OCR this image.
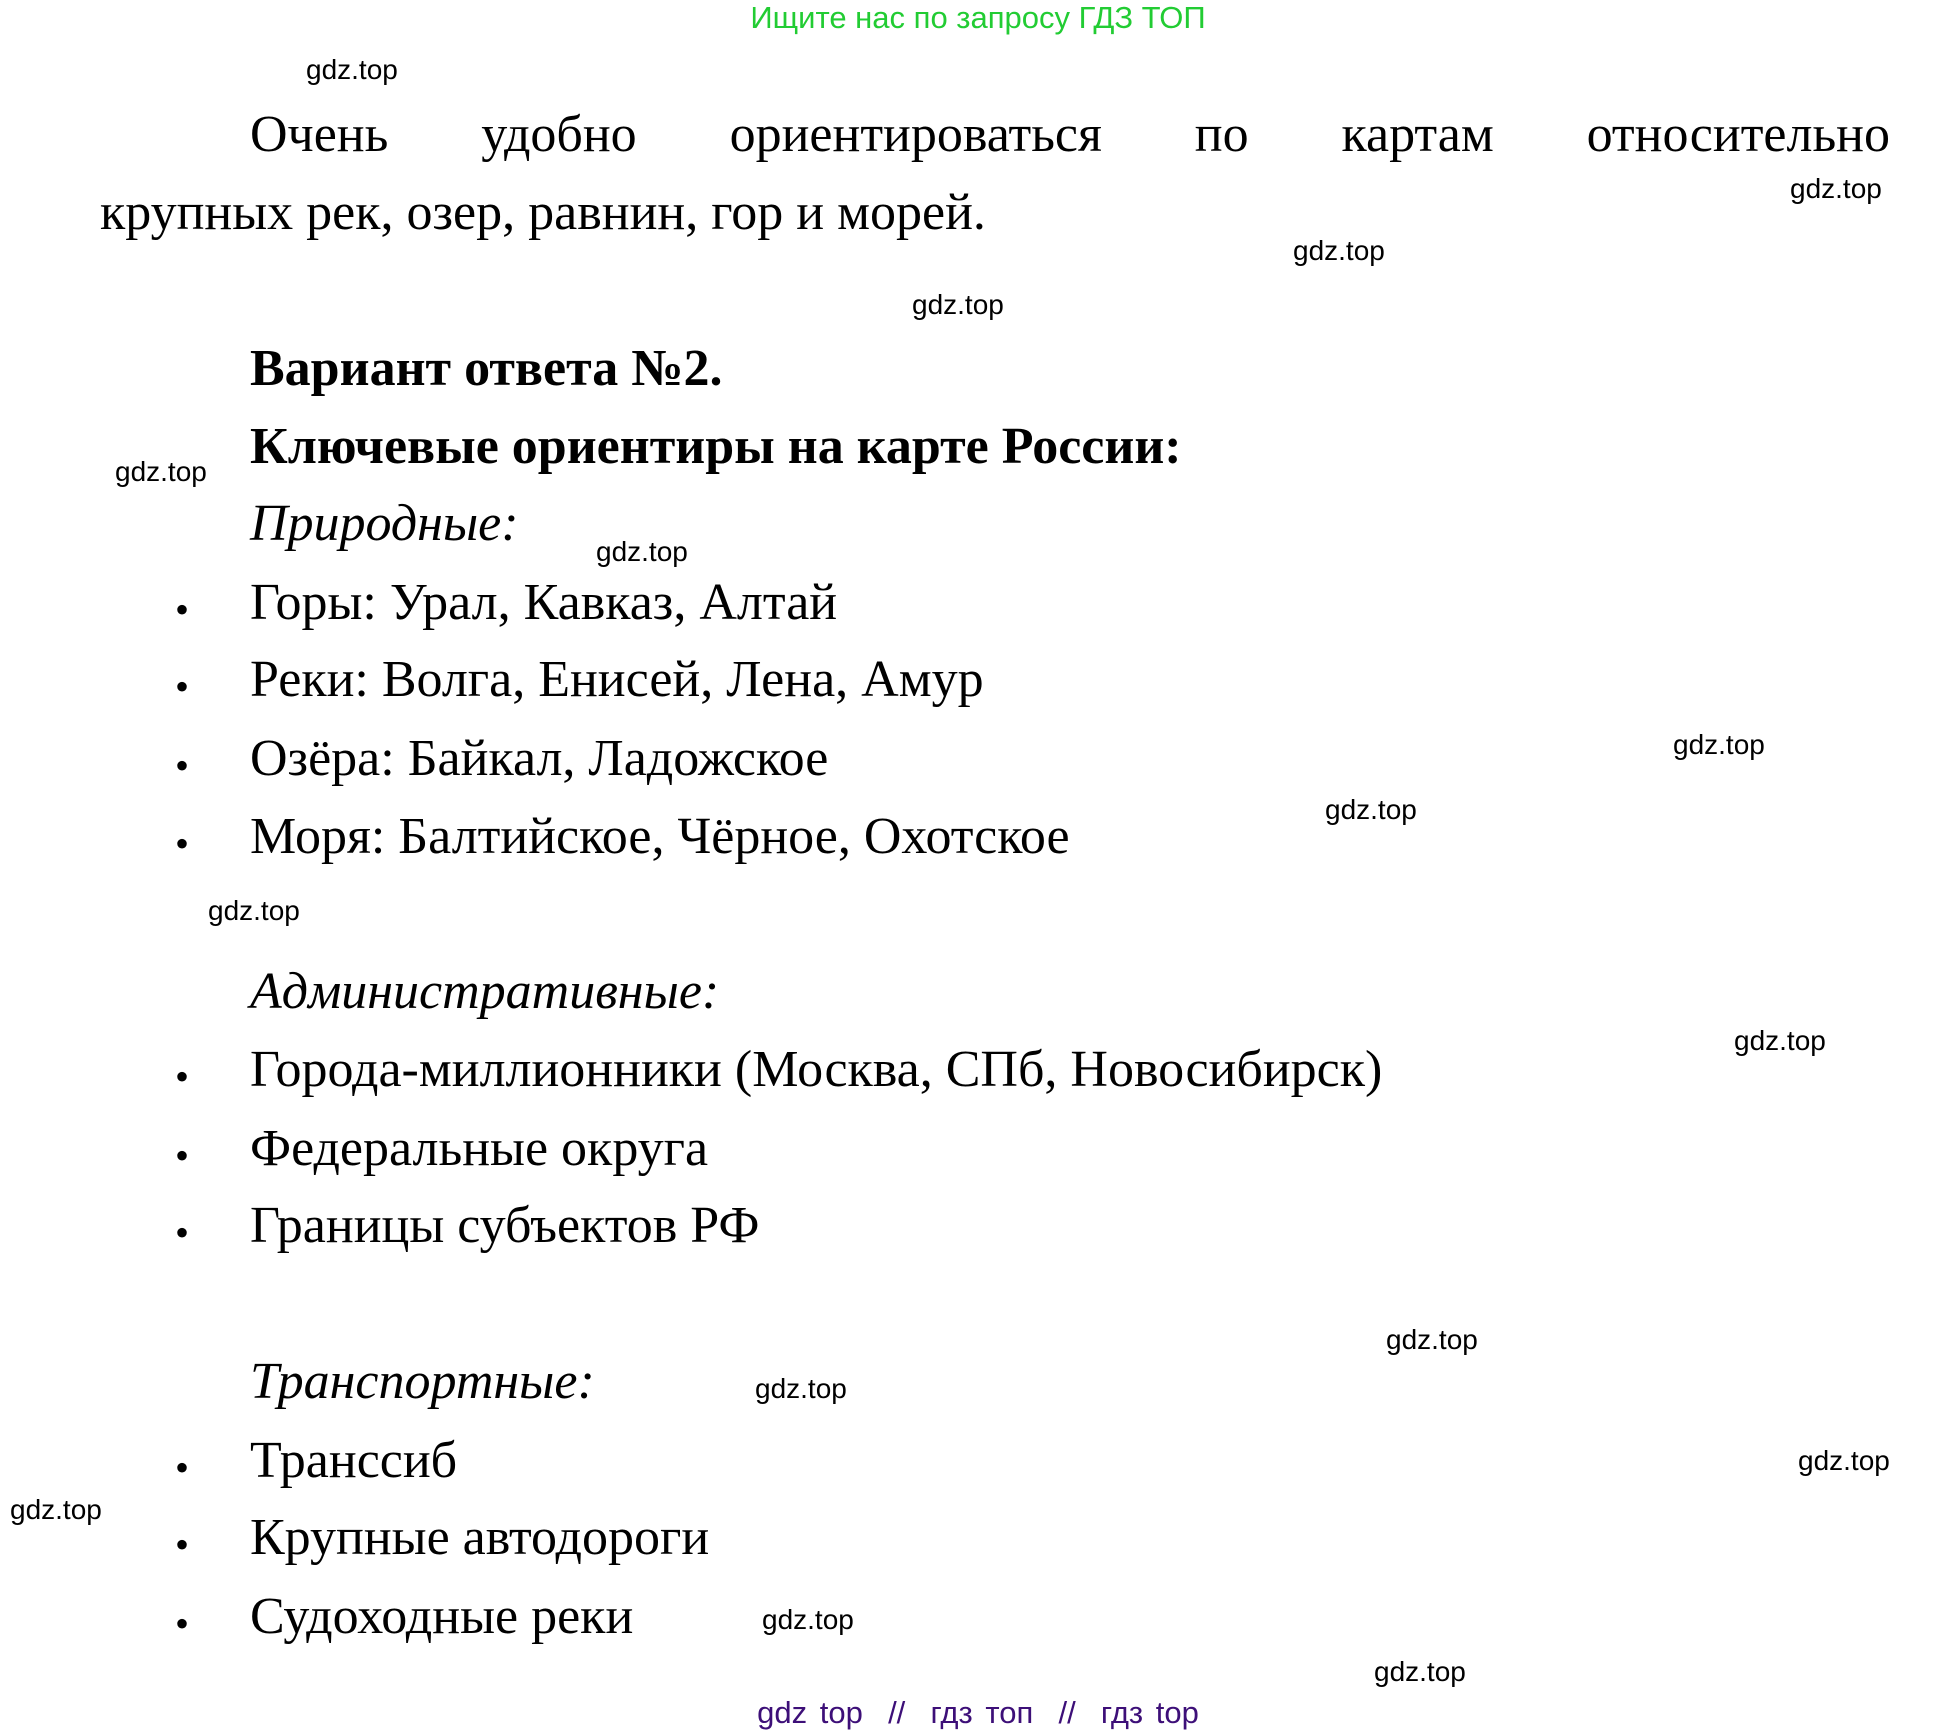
Ищите нас по запросу ГДЗ ТОП
Очень удобно ориентироваться по картам относительно
крупных рек, озер, равнин, гор и морей.
Вариант ответа №2.
Ключевые ориентиры на карте России:
Природные:
• Горы: Урал, Кавказ, Алтай
• Реки: Волга, Енисей, Лена, Амур
• Озёра: Байкал, Ладожское
• Моря: Балтийское, Чёрное, Охотское
Административные:
• Города-миллионники (Москва, СПб, Новосибирск)
• Федеральные округа
• Границы субъектов РФ
Транспортные:
• Транссиб
• Крупные автодороги
• Судоходные реки
gdz.top
gdz.top
gdz.top
gdz.top
gdz.top
gdz.top
gdz.top
gdz.top
gdz.top
gdz.top
gdz.top
gdz.top
gdz.top
gdz.top
gdz.top
gdz.top
gdz top  //  гдз топ  //  гдз top
